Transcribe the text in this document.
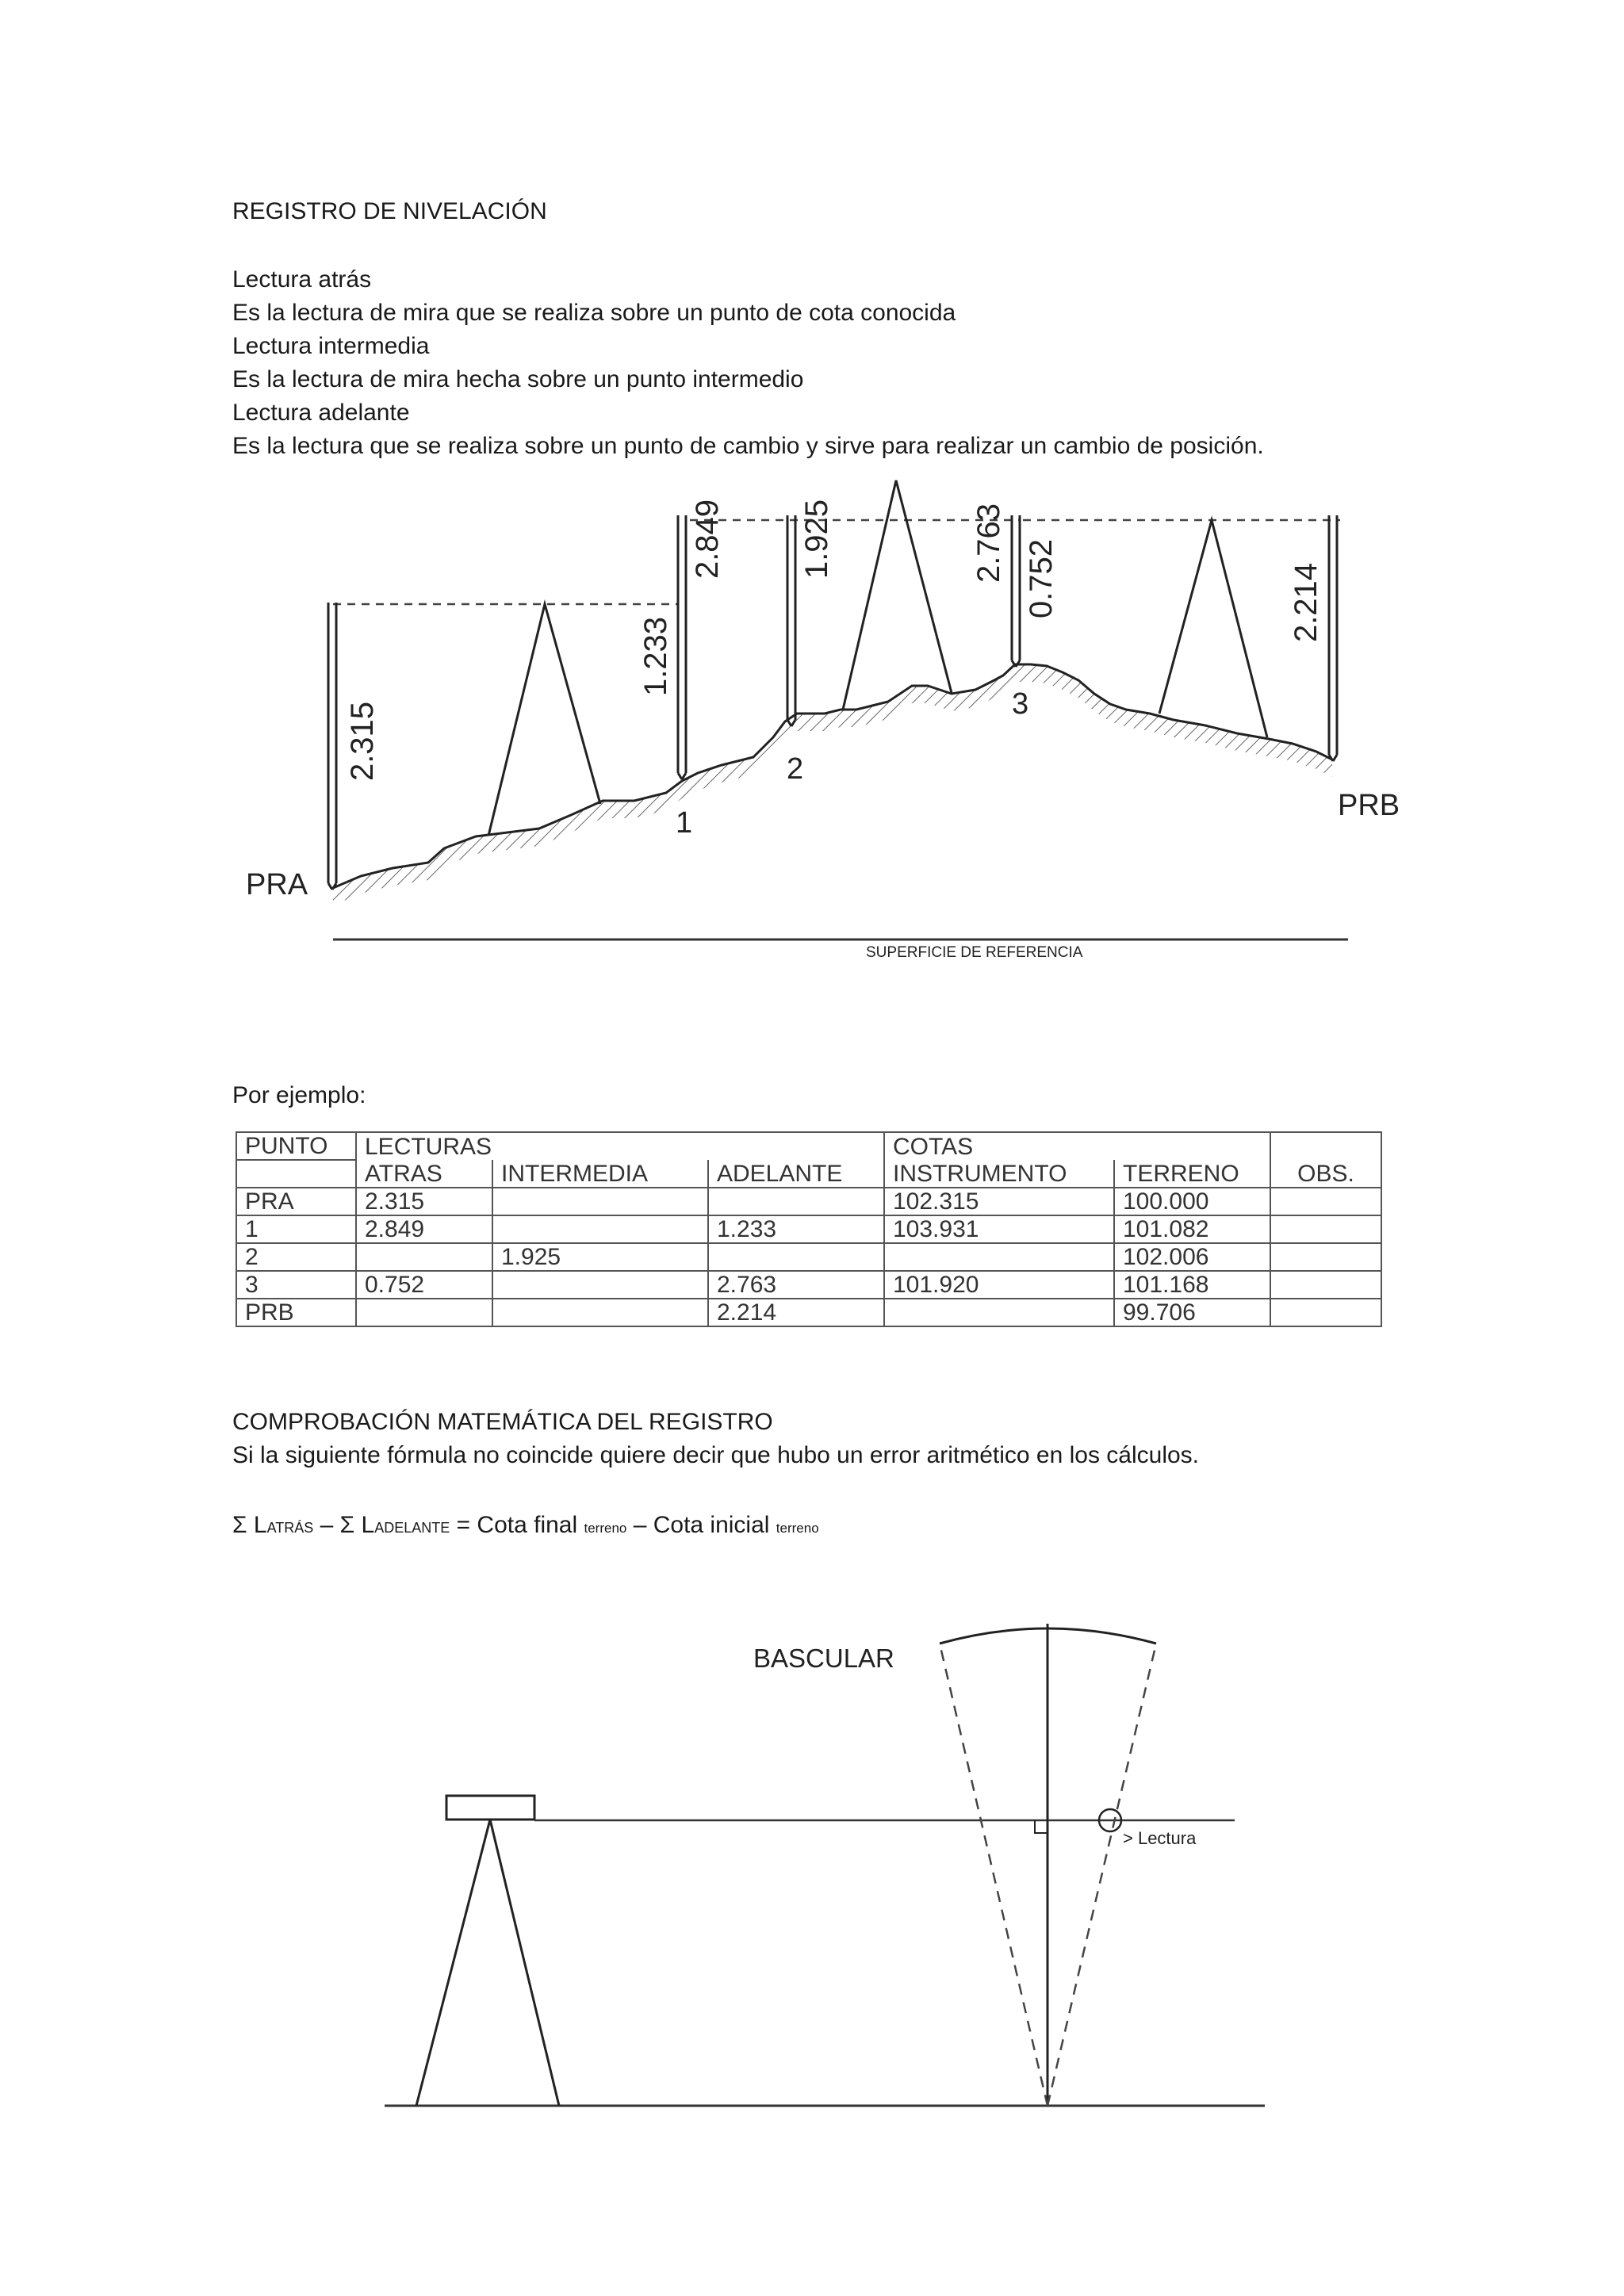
REGISTRO DE NIVELACIÓN
Lectura atrás
Es la lectura de mira que se realiza sobre un punto de cota conocida
Lectura intermedia
Es la lectura de mira hecha sobre un punto intermedio
Lectura adelante
Es la lectura que se realiza sobre un punto de cambio y sirve para realizar un cambio de posición.
2.315
1.233
2.849 1.925	2.763 0.752	2.214
PRA
1
2
3
PRB
SUPERFICIE DE REFERENCIA
Por ejemplo:
PUNTO	LECTURAS			COTAS		
	ATRAS	INTERMEDIA	ADELANTE	INSTRUMENTO	TERRENO	OBS.
PRA	2.315			102.315	100.000	
1	2.849		1.233	103.931	101.082	
2		1.925			102.006	
3	0.752		2.763	101.920	101.168	
PRB			2.214		99.706	
COMPROBACIÓN MATEMÁTICA DEL REGISTRO
Si la siguiente fórmula no coincide quiere decir que hubo un error aritmético en los cálculos.
Σ LATRÁS – Σ LADELANTE = Cota final terreno – Cota inicial terreno
BASCULAR
> Lectura
